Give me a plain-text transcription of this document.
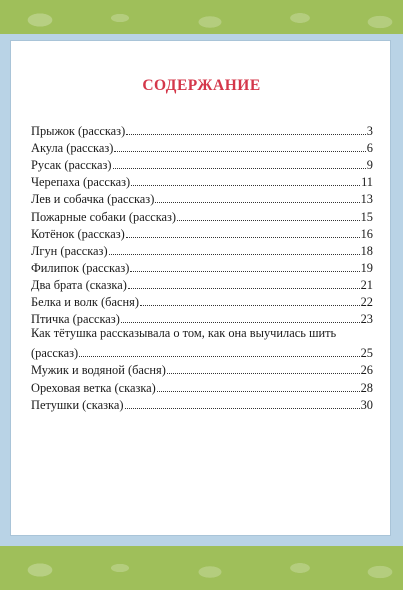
СОДЕРЖАНИЕ
Прыжок (рассказ)	3
Акула (рассказ)	6
Русак (рассказ)	9
Черепаха (рассказ)	11
Лев и собачка (рассказ)	13
Пожарные собаки (рассказ)	15
Котёнок (рассказ)	16
Лгун (рассказ)	18
Филипок (рассказ)	19
Два брата (сказка)	21
Белка и волк (басня)	22
Птичка (рассказ)	23
Как тётушка рассказывала о том, как она выучилась шить
(рассказ)	25
Мужик и водяной (басня)	26
Ореховая ветка (сказка)	28
Петушки (сказка)	30
